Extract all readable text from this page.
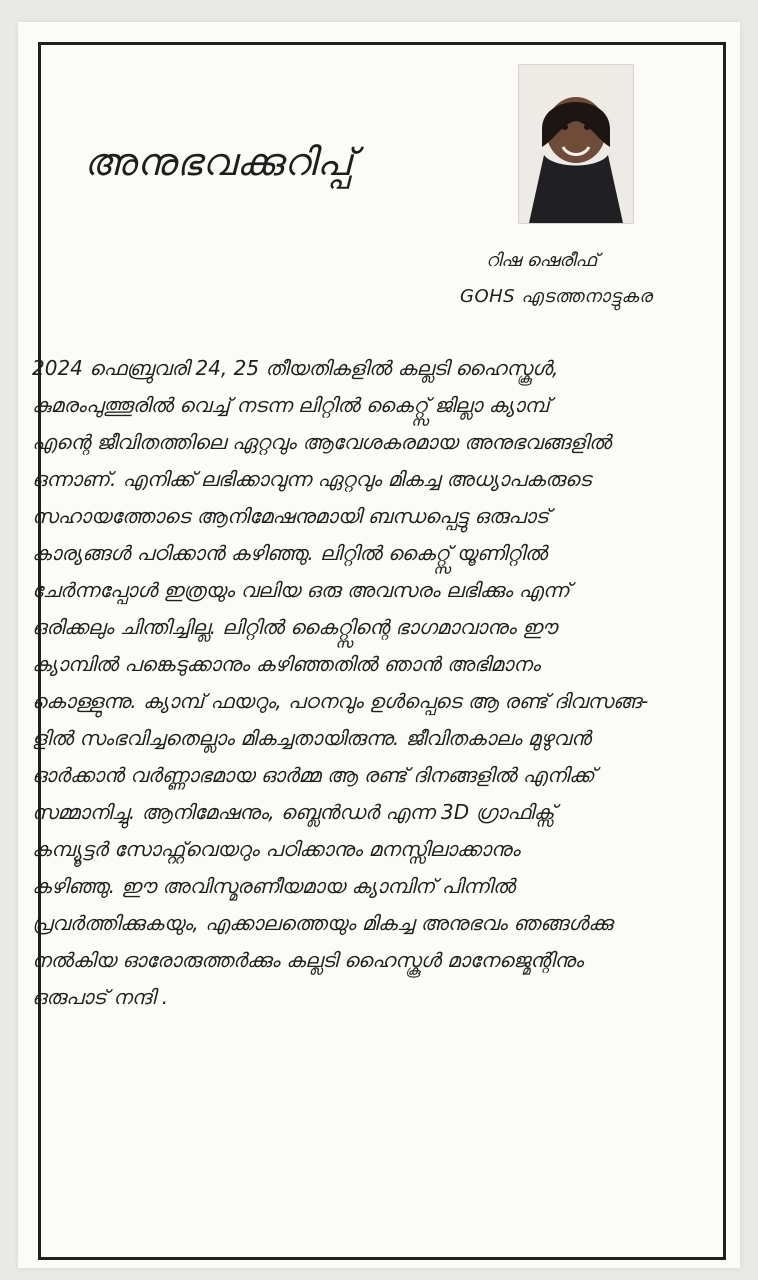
അനുഭവക്കുറിപ്പ്
റിഷ ഷെരീഫ്
GOHS എടത്തനാട്ടുകര
2024 ഫെബ്രുവരി 24, 25 തീയതികളിൽ കല്ലടി ഹൈസ്കൂൾ,
കുമരംപുത്തൂരിൽ വെച്ച് നടന്ന ലിറ്റിൽ കൈറ്റ്സ് ജില്ലാ ക്യാമ്പ്
എന്റെ ജീവിതത്തിലെ ഏറ്റവും ആവേശകരമായ അനുഭവങ്ങളിൽ
ഒന്നാണ്. എനിക്ക് ലഭിക്കാവുന്ന ഏറ്റവും മികച്ച അധ്യാപകരുടെ
സഹായത്തോടെ ആനിമേഷനുമായി ബന്ധപ്പെട്ടു ഒരുപാട്
കാര്യങ്ങൾ പഠിക്കാൻ കഴിഞ്ഞു. ലിറ്റിൽ കൈറ്റ്സ് യൂണിറ്റിൽ
ചേർന്നപ്പോൾ ഇത്രയും വലിയ ഒരു അവസരം ലഭിക്കും എന്ന്
ഒരിക്കലും ചിന്തിച്ചില്ല. ലിറ്റിൽ കൈറ്റ്സിന്റെ ഭാഗമാവാനും ഈ
ക്യാമ്പിൽ പങ്കെടുക്കാനും കഴിഞ്ഞതിൽ ഞാൻ അഭിമാനം
കൊള്ളുന്നു. ക്യാമ്പ് ഫയറും, പഠനവും ഉൾപ്പെടെ ആ രണ്ട് ദിവസങ്ങ-
ളിൽ സംഭവിച്ചതെല്ലാം മികച്ചതായിരുന്നു. ജീവിതകാലം മുഴുവൻ
ഓർക്കാൻ വർണ്ണാഭമായ ഓർമ്മ ആ രണ്ട് ദിനങ്ങളിൽ എനിക്ക്
സമ്മാനിച്ചു. ആനിമേഷനും, ബ്ലെൻഡർ എന്ന 3D ഗ്രാഫിക്സ്
കമ്പ്യൂട്ടർ സോഫ്റ്റ്‌വെയറും പഠിക്കാനും മനസ്സിലാക്കാനും
കഴിഞ്ഞു. ഈ അവിസ്മരണീയമായ ക്യാമ്പിന് പിന്നിൽ
പ്രവർത്തിക്കുകയും, എക്കാലത്തെയും മികച്ച അനുഭവം ഞങ്ങൾക്കു
നൽകിയ ഓരോരുത്തർക്കും കല്ലടി ഹൈസ്കൂൾ മാനേജ്മെന്റിനും
ഒരുപാട് നന്ദി .
